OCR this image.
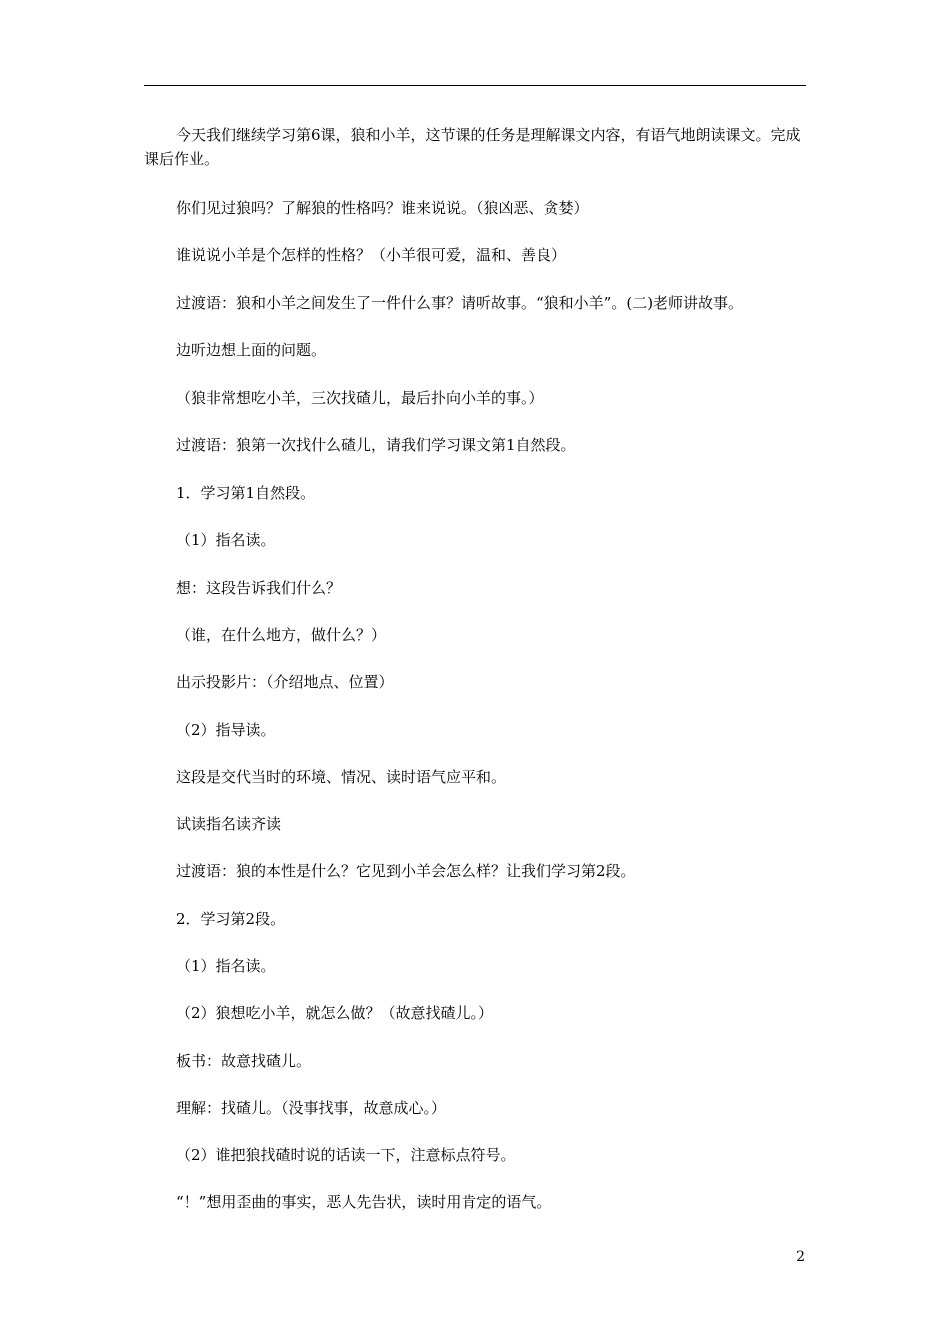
今天我们继续学习第6课，狼和小羊，这节课的任务是理解课文内容，有语气地朗读课文。完成课后作业。

你们见过狼吗？了解狼的性格吗？谁来说说。（狼凶恶、贪婪）

谁说说小羊是个怎样的性格？（小羊很可爱，温和、善良）

过渡语：狼和小羊之间发生了一件什么事？请听故事。“狼和小羊”。(二)老师讲故事。

边听边想上面的问题。

（狼非常想吃小羊，三次找碴儿，最后扑向小羊的事。）

过渡语：狼第一次找什么碴儿，请我们学习课文第1自然段。

1．学习第1自然段。

（1）指名读。

想：这段告诉我们什么？

（谁，在什么地方，做什么？）

出示投影片：（介绍地点、位置）

（2）指导读。

这段是交代当时的环境、情况、读时语气应平和。

试读指名读齐读

过渡语：狼的本性是什么？它见到小羊会怎么样？让我们学习第2段。

2．学习第2段。

（1）指名读。

（2）狼想吃小羊，就怎么做？（故意找碴儿。）

板书：故意找碴儿。

理解：找碴儿。（没事找事，故意成心。）

（2）谁把狼找碴时说的话读一下，注意标点符号。

“！”想用歪曲的事实，恶人先告状，读时用肯定的语气。

2
